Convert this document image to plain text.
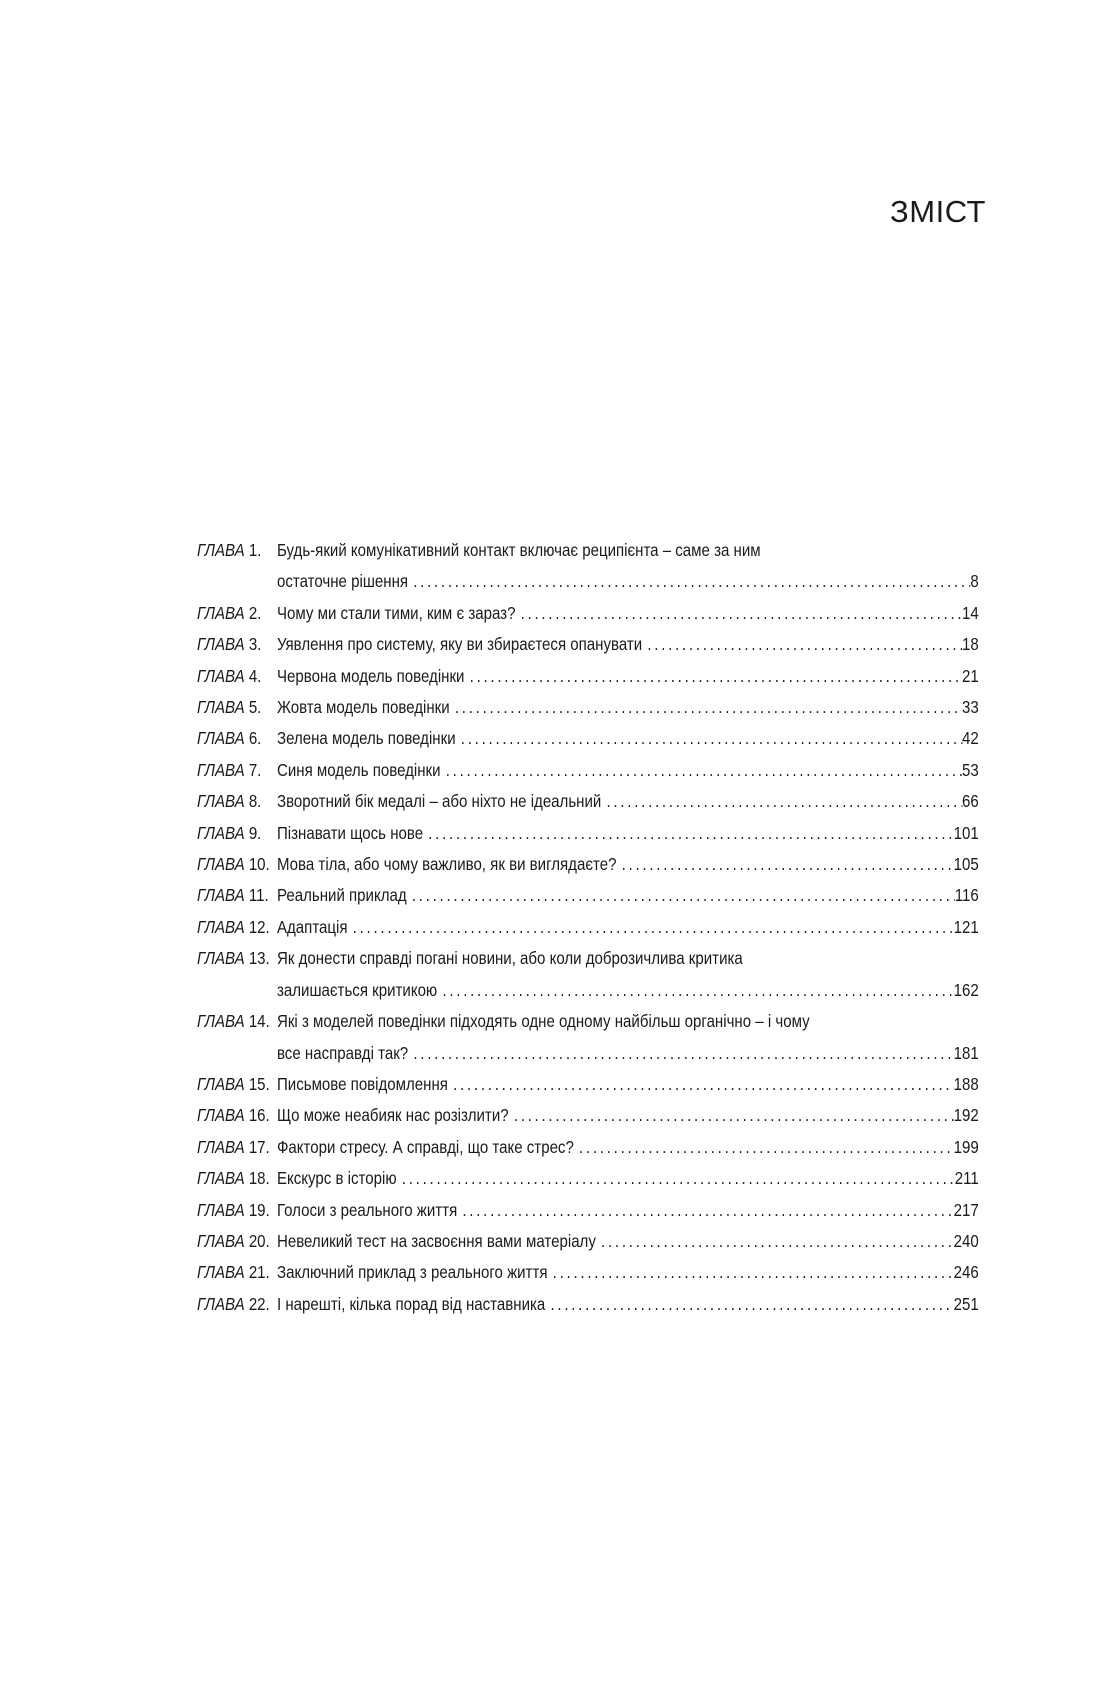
ЗМІСТ
ГЛАВА 1. Будь-який комунікативний контакт включає реципієнта – саме за ним
остаточне рішення .....	8
ГЛАВА 2. Чому ми стали тими, ким є зараз? .....	14
ГЛАВА 3. Уявлення про систему, яку ви збираєтеся опанувати .....	18
ГЛАВА 4. Червона модель поведінки .....	21
ГЛАВА 5. Жовта модель поведінки .....	33
ГЛАВА 6. Зелена модель поведінки .....	42
ГЛАВА 7. Синя модель поведінки .....	53
ГЛАВА 8. Зворотний бік медалі – або ніхто не ідеальний .....	66
ГЛАВА 9. Пізнавати щось нове .....	101
ГЛАВА 10. Мова тіла, або чому важливо, як ви виглядаєте? .....	105
ГЛАВА 11. Реальний приклад .....	116
ГЛАВА 12. Адаптація .....	121
ГЛАВА 13. Як донести справді погані новини, або коли доброзичлива критика
залишається критикою .....	162
ГЛАВА 14. Які з моделей поведінки підходять одне одному найбільш органічно – і чому
все насправді так? .....	181
ГЛАВА 15. Письмове повідомлення .....	188
ГЛАВА 16. Що може неабияк нас розізлити? .....	192
ГЛАВА 17. Фактори стресу. А справді, що таке стрес? .....	199
ГЛАВА 18. Екскурс в історію .....	211
ГЛАВА 19. Голоси з реального життя .....	217
ГЛАВА 20. Невеликий тест на засвоєння вами матеріалу .....	240
ГЛАВА 21. Заключний приклад з реального життя .....	246
ГЛАВА 22. І нарешті, кілька порад від наставника .....	251
